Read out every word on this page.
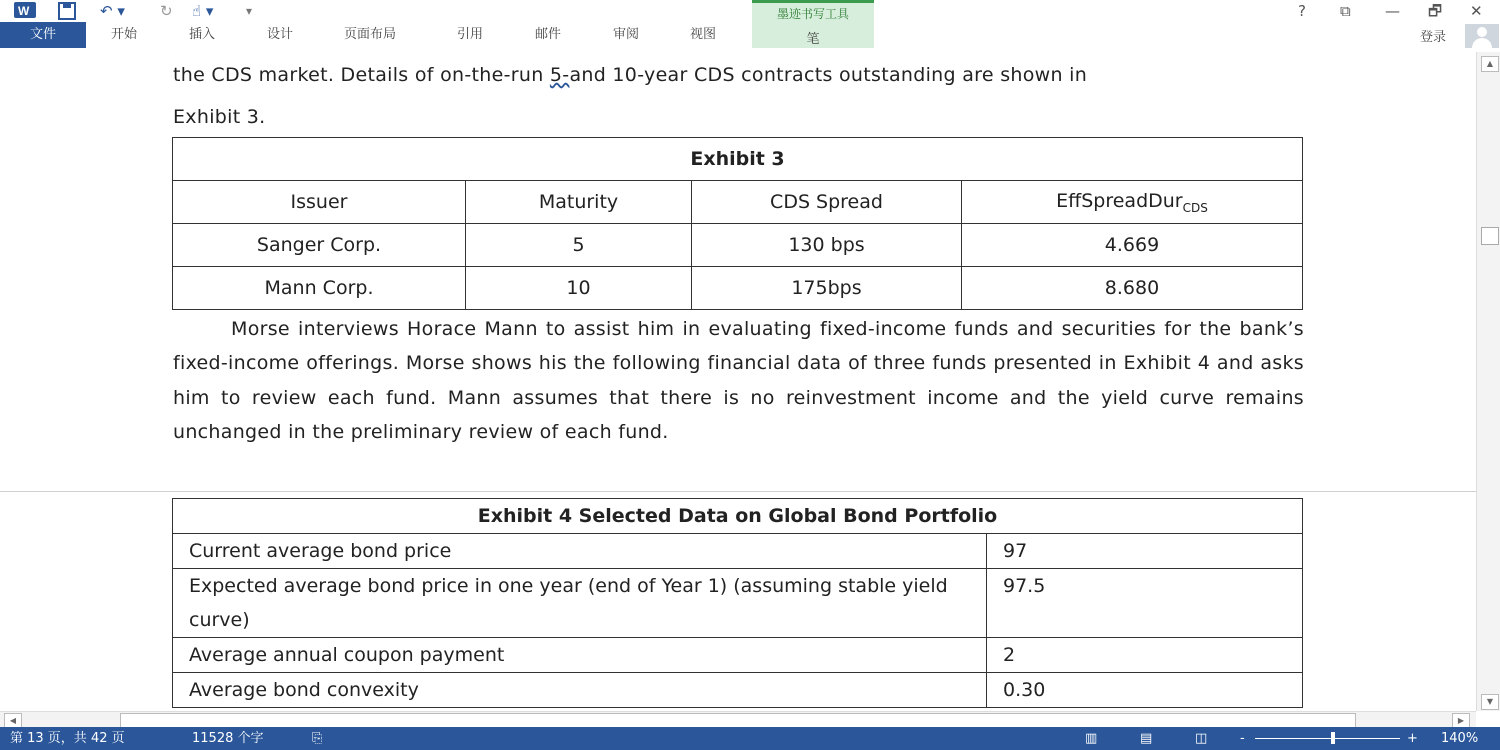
W	↶ ▾ ↻ ☝ ▾	▾	? ⧉ — 🗗 ✕
开始	插入	设计	页面布局	引用	邮件	审阅	视图
文件
墨迹书写工具
笔	登录
the CDS market. Details of on-the-run 5-and 10-year CDS contracts outstanding are shown in
Exhibit 3.
Exhibit 3			
Issuer	Maturity	CDS Spread	EffSpreadDur$_{CDS}$
Sanger Corp.	5	130 bps	4.669
Mann Corp.	10	175bps	8.680
Morse interviews Horace Mann to assist him in evaluating fixed-income funds and securities for the bank’s fixed-income offerings. Morse shows his the following financial data of three funds presented in Exhibit 4 and asks him to review each fund. Mann assumes that there is no reinvestment income and the yield curve remains unchanged in the preliminary review of each fund.
Exhibit 4 Selected Data on Global Bond Portfolio	
Current average bond price	97
Expected average bond price in one year (end of Year 1) (assuming stable yield curve)	97.5
Average annual coupon payment	2
Average bond convexity	0.30
▲
▼
◀	▶
第 13 页，共 42 页	11528 个字	⎘	▥	▤	◫	-	+ 140%
